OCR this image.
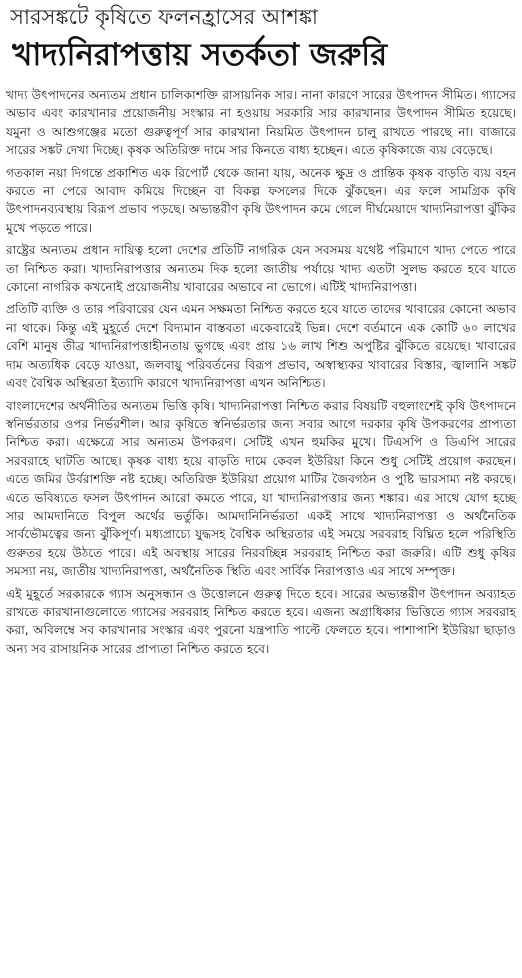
সারসঙ্কটে কৃষিতে ফলনহ্রাসের আশঙ্কা
খাদ্যনিরাপত্তায় সতর্কতা জরুরি

খাদ্য উৎপাদনের অন্যতম প্রধান চালিকাশক্তি রাসায়নিক সার। নানা কারণে সারের উৎপাদন সীমিত। গ্যাসের অভাব এবং কারখানার প্রয়োজনীয় সংস্কার না হওয়ায় সরকারি সার কারখানার উৎপাদন সীমিত হয়েছে। যমুনা ও আশুগঞ্জের মতো গুরুত্বপূর্ণ সার কারখানা নিয়মিত উৎপাদন চালু রাখতে পারছে না। বাজারে সারের সঙ্কট দেখা দিচ্ছে। কৃষক অতিরিক্ত দামে সার কিনতে বাধ্য হচ্ছেন। এতে কৃষিকাজে ব্যয় বেড়েছে।

গতকাল নয়া দিগন্তে প্রকাশিত এক রিপোর্ট থেকে জানা যায়, অনেক ক্ষুদ্র ও প্রান্তিক কৃষক বাড়তি ব্যয় বহন করতে না পেরে আবাদ কমিয়ে দিচ্ছেন বা বিকল্প ফসলের দিকে ঝুঁকছেন। এর ফলে সামগ্রিক কৃষি উৎপাদনব্যবস্থায় বিরূপ প্রভাব পড়ছে। অভ্যন্তরীণ কৃষি উৎপাদন কমে গেলে দীর্ঘমেয়াদে খাদ্যনিরাপত্তা ঝুঁকির মুখে পড়তে পারে।

রাষ্ট্রের অন্যতম প্রধান দায়িত্ব হলো দেশের প্রতিটি নাগরিক যেন সবসময় যথেষ্ট পরিমাণে খাদ্য পেতে পারে তা নিশ্চিত করা। খাদ্যনিরাপত্তার অন্যতম দিক হলো জাতীয় পর্যায়ে খাদ্য এতটা সুলভ করতে হবে যাতে কোনো নাগরিক কখনোই প্রয়োজনীয় খাবারের অভাবে না ভোগে। এটিই খাদ্যনিরাপত্তা।

প্রতিটি ব্যক্তি ও তার পরিবারের যেন এমন সক্ষমতা নিশ্চিত করতে হবে যাতে তাদের খাবারের কোনো অভাব না থাকে। কিন্তু এই মুহূর্তে দেশে বিদ্যমান বাস্তবতা একেবারেই ভিন্ন। দেশে বর্তমানে এক কোটি ৬০ লাখের বেশি মানুষ তীব্র খাদ্যনিরাপত্তাহীনতায় ভুগছে এবং প্রায় ১৬ লাখ শিশু অপুষ্টির ঝুঁকিতে রয়েছে। খাবারের দাম অত্যধিক বেড়ে যাওয়া, জলবায়ু পরিবর্তনের বিরূপ প্রভাব, অস্বাস্থ্যকর খাবারের বিস্তার, জ্বালানি সঙ্কট এবং বৈশ্বিক অস্থিরতা ইত্যাদি কারণে খাদ্যনিরাপত্তা এখন অনিশ্চিত।

বাংলাদেশের অর্থনীতির অন্যতম ভিত্তি কৃষি। খাদ্যনিরাপত্তা নিশ্চিত করার বিষয়টি বহুলাংশেই কৃষি উৎপাদনে স্বনির্ভরতার ওপর নির্ভরশীল। আর কৃষিতে স্বনির্ভরতার জন্য সবার আগে দরকার কৃষি উপকরণের প্রাপ্যতা নিশ্চিত করা। এক্ষেত্রে সার অন্যতম উপকরণ। সেটিই এখন হুমকির মুখে। টিএসপি ও ডিএপি সারের সরবরাহে ঘাটতি আছে। কৃষক বাধ্য হয়ে বাড়তি দামে কেবল ইউরিয়া কিনে শুধু সেটিই প্রয়োগ করছেন। এতে জমির উর্বরাশক্তি নষ্ট হচ্ছে। অতিরিক্ত ইউরিয়া প্রয়োগ মাটির জৈবগঠন ও পুষ্টি ভারসাম্য নষ্ট করছে। এতে ভবিষ্যতে ফসল উৎপাদন আরো কমতে পারে, যা খাদ্যনিরাপত্তার জন্য শঙ্কার। এর সাথে যোগ হচ্ছে সার আমদানিতে বিপুল অর্থের ভর্তুকি। আমদানিনির্ভরতা একই সাথে খাদ্যনিরাপত্তা ও অর্থনৈতিক সার্বভৌমত্বের জন্য ঝুঁকিপূর্ণ। মধ্যপ্রাচ্যে যুদ্ধসহ বৈশ্বিক অস্থিরতার এই সময়ে সরবরাহ বিঘ্নিত হলে পরিস্থিতি গুরুতর হয়ে উঠতে পারে। এই অবস্থায় সারের নিরবচ্ছিন্ন সরবরাহ নিশ্চিত করা জরুরি। এটি শুধু কৃষির সমস্যা নয়, জাতীয় খাদ্যনিরাপত্তা, অর্থনৈতিক স্থিতি এবং সার্বিক নিরাপত্তাও এর সাথে সম্পৃক্ত।

এই মুহূর্তে সরকারকে গ্যাস অনুসন্ধান ও উত্তোলনে গুরুত্ব দিতে হবে। সারের অভ্যন্তরীণ উৎপাদন অব্যাহত রাখতে কারখানাগুলোতে গ্যাসের সরবরাহ নিশ্চিত করতে হবে। এজন্য অগ্রাধিকার ভিত্তিতে গ্যাস সরবরাহ করা, অবিলম্বে সব কারখানার সংস্কার এবং পুরনো যন্ত্রপাতি পাল্টে ফেলতে হবে। পাশাপাশি ইউরিয়া ছাড়াও অন্য সব রাসায়নিক সারের প্রাপ্যতা নিশ্চিত করতে হবে।
